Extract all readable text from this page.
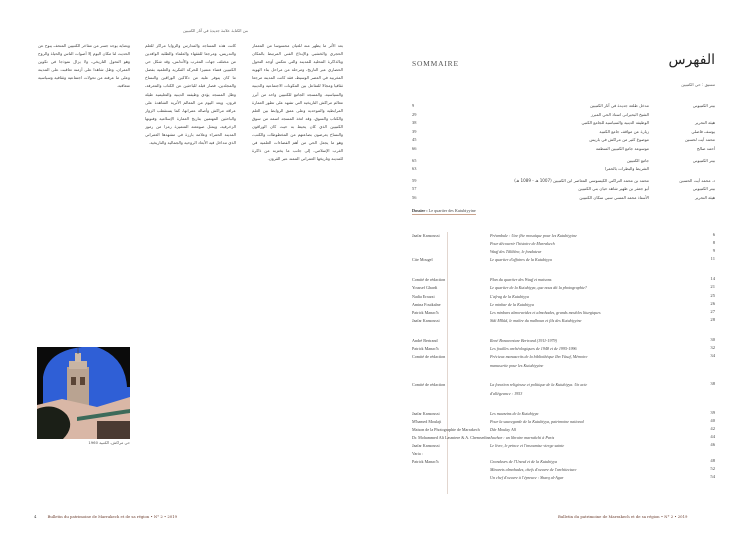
من الكتابة علامة جديدة في آثار الكتبيين

بعد الأثر ما يظهر منه للعيان محسوسا من المعمار الحجري والخشبي والإبداع الفني المرتبط بالمكان وبالذاكرة المحلية للمدينة والتي تعكس أوجه التحول الحضاري عبر التاريخ، ومرحلة من مراحل بناء الهوية المغربية في العصر الوسيط، فقد كانت المدينة مرجعا ثقافيا ومجالا للتفاعل بين المكونات الاجتماعية والدينية والسياسية، والمسجد الجامع للكتبيين واحد من أبرز معالم مراكش التاريخية التي تشهد على تطور العمارة المرابطية والموحدية وعلى عمق الروابط بين العلم والكتاب والسوق، وقد اتخذ المسجد اسمه من سوق الكتبيين الذي كان يحيط به حيث كان الوراقون والنساخ يعرضون بضاعتهم من المخطوطات والكتب، وهو ما يجعل الحي من أهم الفضاءات العلمية في الغرب الإسلامي، إلى جانب ما يختزنه من ذاكرة للمدينة وتاريخها العمراني الممتد عبر القرون.

كانت هذه المساجد والمدارس والزوايا مراكز للعلم والتدريس، ومرجعا للفقهاء والعلماء والطلبة الوافدين من مختلف جهات المغرب والأندلس، وقد شكل حي الكتبيين فضاء متميزا للحركة الفكرية والعلمية بفضل ما كان يتوفر عليه من دكاكين الوراقين والنساخ والمجلدين، فصار قبلة للباحثين عن الكتاب والمعرفة، وظل المسجد يؤدي وظيفته الدينية والتعليمية طيلة قرون، ويعد اليوم من المعالم الأثرية الشاهدة على عراقة مراكش وأصالة عمرانها، كما يستقطب الزوار والباحثين المهتمين بتاريخ العمارة الإسلامية وفنونها الزخرفية، ويمثل صومعته المتميزة رمزا من رموز المدينة الحمراء وعلامة بارزة في مشهدها العمراني الذي تتداخل فيه الأبعاد الروحية والجمالية والتاريخية.

وبعناية يوجد جسر من مفاخر الكتبيين المتحف يبوح عن الحديث لنا مكان اليوم إلا أصوات الناس والحياة والروح وهو التحول التاريخي، ولا يزال نموذجا في تكوين العمران، وظل شاهدا على أزمنة تعاقبت على المدينة وعلى ما عرفته من تحولات اجتماعية وثقافية وسياسية متعاقبة.

حي مراكش، الكتبية 1960
4	Bulletin du patrimoine de Marrakech et de sa région • N° 2 • 2019
SOMMAIRE	الفهرس
تنسيق : حي الكتبيين
9	مدخل طلعة جديدة في آثار الكتبيين	بيتر الكتبيوني
29	الشيخ البحيرانى استاذ الحي المبرز
38	الوظيفة الدينية والسياسية للجامع الكتبي	هيئة التحرير
39	زيارة عن مواقف جامع الكتبية	يوسف فاضلي
45	موضوع كثير من مراكش في باريس	محمد أيت لحسين
66	موسوعة جامع الكتبيين المنظمة	أحمد صالح
65	جامع الكتبيين	بيتر الكتبيوني
63	الشريط والبطرات بالحمرا
59	محمد بن محمد التراكني الكيسوسي المعاصر ابن الكتبيين (1007 هـ - 1089 هـ)	د. محمد أيت الحسين
57	أبو جعفر بن ظهير شاهد حيان بني الكتبيين	بيتر الكتبيوني
56	الأستاذ محمد المسي سبي سكان الكتبيين	هيئة التحرير
Dossier : Le quartier des Kutubiyyine
Jaafar Kansoussi	Préambule : Une fête mosaïque pour les Kutubiyyine	6
Pour découvrir l'histoire de Marrakech	8
Waqf des Tâlibîne, le fondateur	9
Cite Mougel	Le quartier d'affaires de la Kutubiyya	11
Comité de rédaction	Plan du quartier des Waqf et maisons	14
Youssef Ghardi	Le quartier de la Kutubiyya, que nous dit la photographie?	21
Nadia Errazzi	L'afrag de la Kutubiyya	25
Amina Fouikalne	Le minbar de la Kutubiyya	26
Patrick Manac'h	Les minbars almoravides et almohades, grands meubles liturgiques	27
Jaafar Kansoussi	Sîdi Mîlûd, le maître du malhoun et fils des Kutubiyyine	28
André Bertrand	René Bonaventure Bertrand (1911-1979)	30
Patrick Manac'h	Les fouilles archéologiques de 1948 et de 1995-1996	32
Comité de rédaction	Précieux manuscrits de la bibliothèque Ibn Yûsuf, Mémoire	34
manuscrite pour les Kutubiyyine
Comité de rédaction	La fonction religieuse et politique de la Kutubiyya. Un acte	38
d'allégeance : 1953
Jaafar Kansoussi	Les muezzins de la Kutubiyya	39
M'hamed Moulaji	Pour la sauvegarde de la Kutubiyya, patrimoine national	40
Maison de la Photographie de Marrakech	Dâr Moulay Alî	42
Dr. Mohammed Ali Lasmtere & A. Chemsedine Jawhar : un libraire marrakchi à Paris	44
Jaafar Kansoussi	Le livre, le prince et l'insoumise vierge sainte	46
Varia :
Patrick Manac'h	Grandeurs de l'Unesd et de la Kutubiyya	48
Minarets almohades, chefs d'oeuvre de l'architecture	52
Un chef d'oeuvre à l'épreuve : Sharq al-Agar	54
Bulletin du patrimoine de Marrakech et de sa région • N° 2 • 2019
